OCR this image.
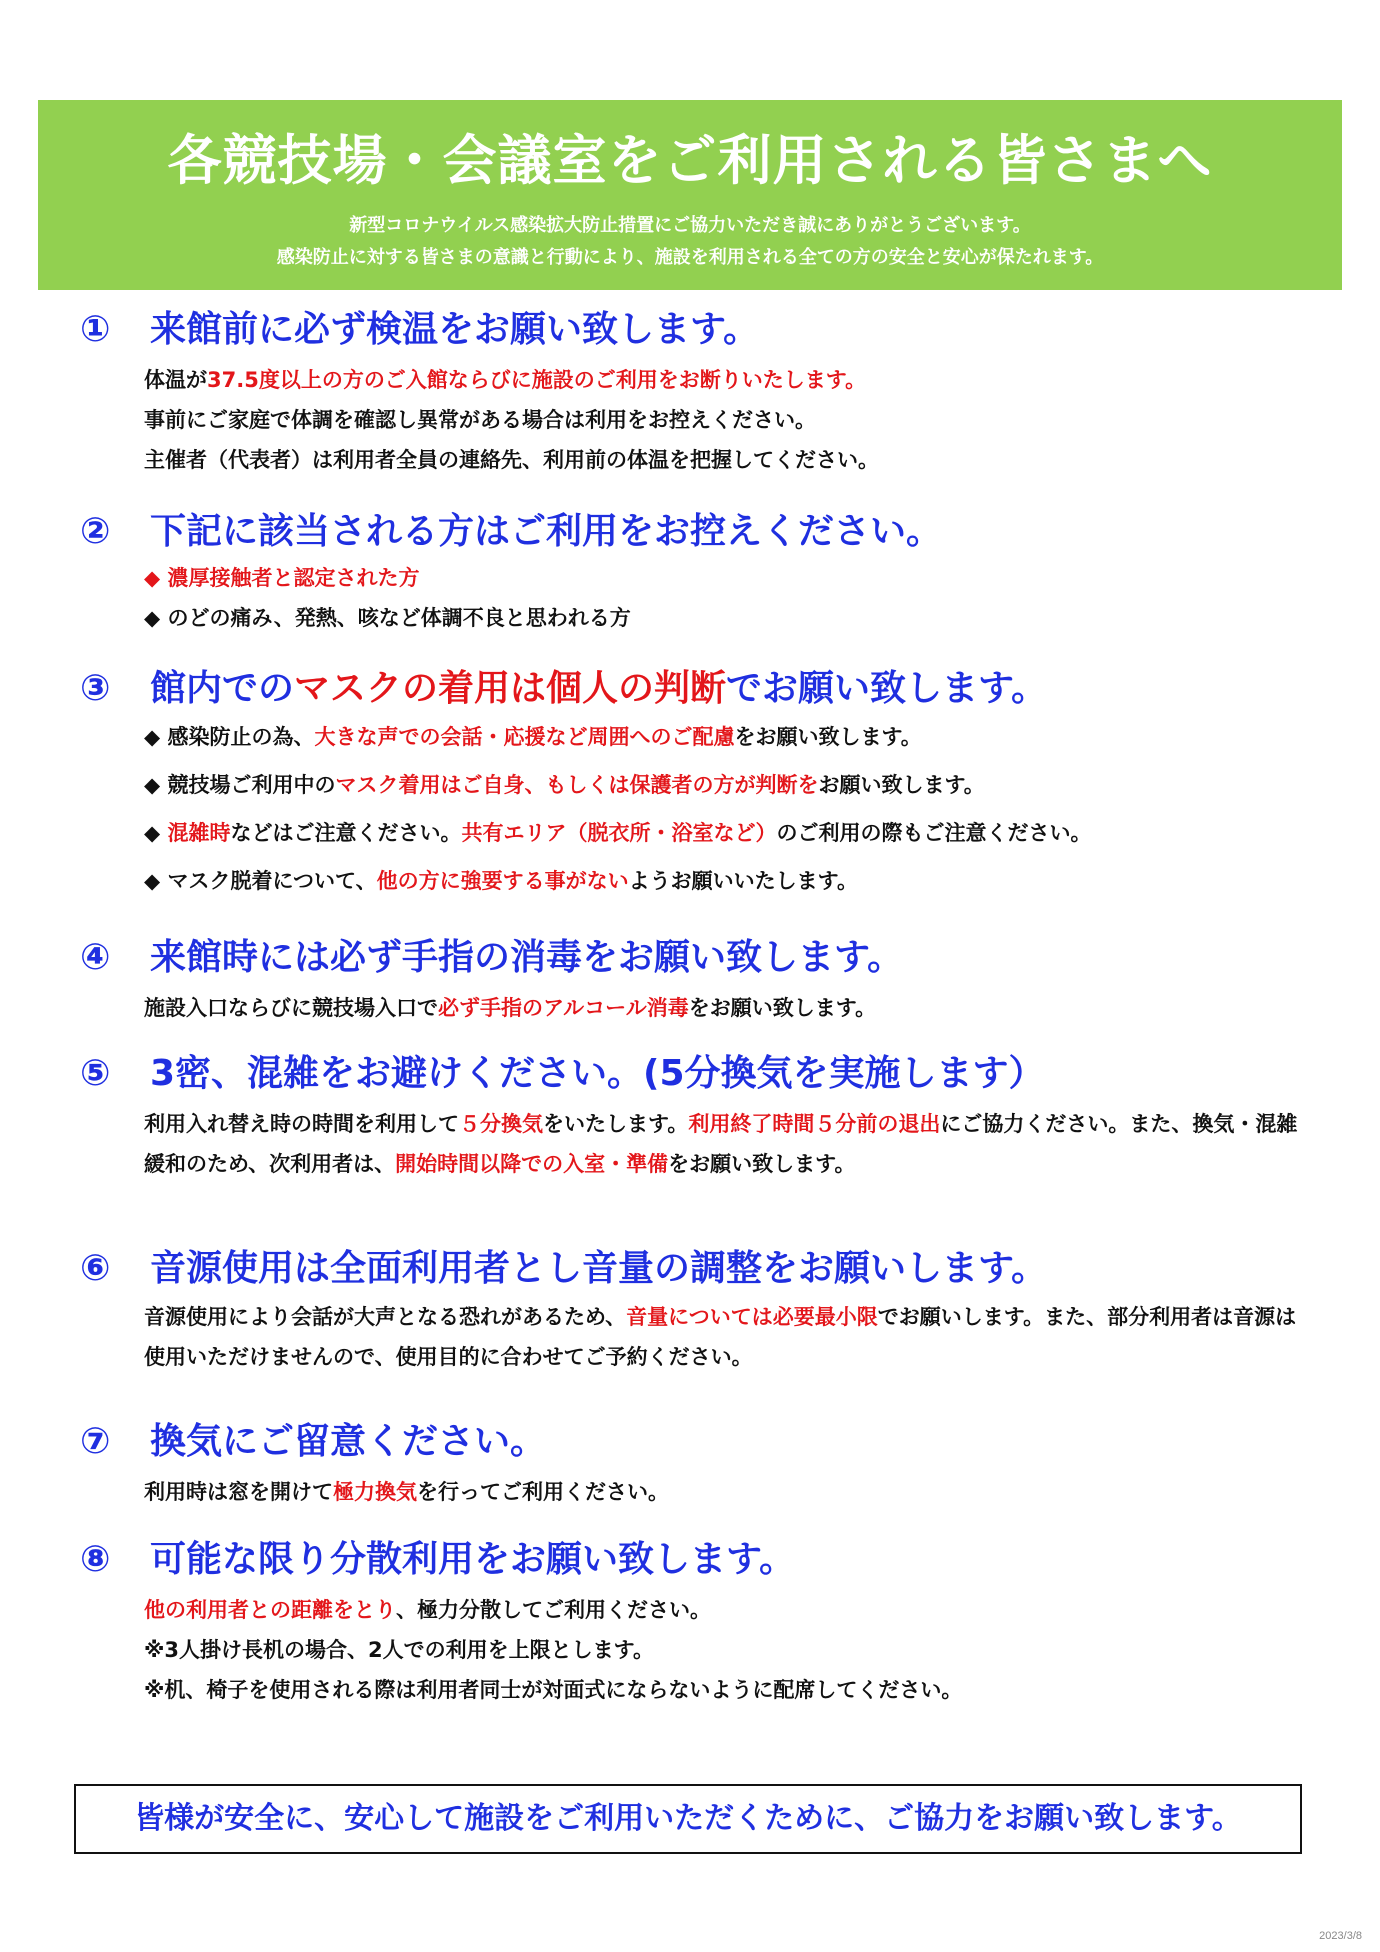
各競技場・会議室をご利用される皆さまへ
新型コロナウイルス感染拡大防止措置にご協力いただき誠にありがとうございます。
感染防止に対する皆さまの意識と行動により、施設を利用される全ての方の安全と安心が保たれます。
① 来館前に必ず検温をお願い致します。
体温が37.5度以上の方のご入館ならびに施設のご利用をお断りいたします。
事前にご家庭で体調を確認し異常がある場合は利用をお控えください。
主催者（代表者）は利用者全員の連絡先、利用前の体温を把握してください。
② 下記に該当される方はご利用をお控えください。
◆ 濃厚接触者と認定された方
◆ のどの痛み、発熱、咳など体調不良と思われる方
③ 館内でのマスクの着用は個人の判断でお願い致します。
◆ 感染防止の為、大きな声での会話・応援など周囲へのご配慮をお願い致します。
◆ 競技場ご利用中のマスク着用はご自身、もしくは保護者の方が判断をお願い致します。
◆ 混雑時などはご注意ください。共有エリア（脱衣所・浴室など）のご利用の際もご注意ください。
◆ マスク脱着について、他の方に強要する事がないようお願いいたします。
④ 来館時には必ず手指の消毒をお願い致します。
施設入口ならびに競技場入口で必ず手指のアルコール消毒をお願い致します。
⑤ 3密、混雑をお避けください。(5分換気を実施します）
利用入れ替え時の時間を利用して５分換気をいたします。利用終了時間５分前の退出にご協力ください。また、換気・混雑緩和のため、次利用者は、開始時間以降での入室・準備をお願い致します。
⑥ 音源使用は全面利用者とし音量の調整をお願いします。
音源使用により会話が大声となる恐れがあるため、音量については必要最小限でお願いします。また、部分利用者は音源は使用いただけませんので、使用目的に合わせてご予約ください。
⑦ 換気にご留意ください。
利用時は窓を開けて極力換気を行ってご利用ください。
⑧ 可能な限り分散利用をお願い致します。
他の利用者との距離をとり、極力分散してご利用ください。
※3人掛け長机の場合、2人での利用を上限とします。
※机、椅子を使用される際は利用者同士が対面式にならないように配席してください。
皆様が安全に、安心して施設をご利用いただくために、ご協力をお願い致します。
2023/3/8
